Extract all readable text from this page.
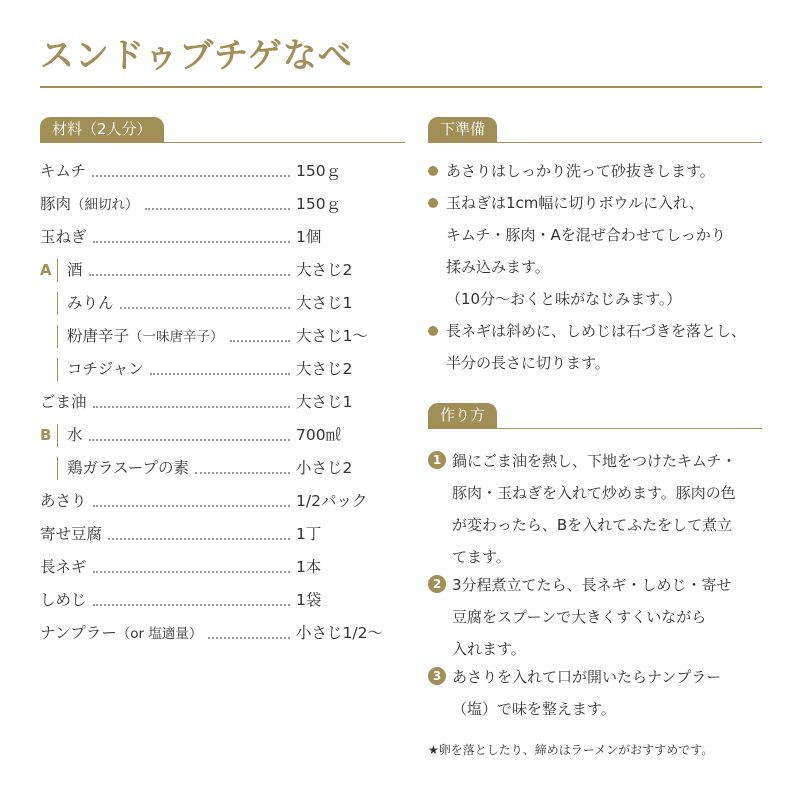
スンドゥブチゲなべ
材料（2人分）
キムチ	150ｇ
豚肉（細切れ）	150ｇ
玉ねぎ	1個
A 酒	大さじ2
みりん	大さじ1
粉唐辛子（一味唐辛子）	大さじ1～
コチジャン	大さじ2
ごま油	大さじ1
B	水	700㎖
鶏ガラスープの素	小さじ2
あさり	1/2パック
寄せ豆腐	1丁
長ネギ	1本
しめじ	1袋
ナンプラー（or 塩適量）	小さじ1/2～
下準備
あさりはしっかり洗って砂抜きします。
玉ねぎは1cm幅に切りボウルに入れ、
キムチ・豚肉・Aを混ぜ合わせてしっかり
揉み込みます。
（10分～おくと味がなじみます。）
長ネギは斜めに、しめじは石づきを落とし、
半分の長さに切ります。
作り方
1 鍋にごま油を熱し、下地をつけたキムチ・
豚肉・玉ねぎを入れて炒めます。豚肉の色
が変わったら、Bを入れてふたをして煮立
てます。
2 3分程煮立てたら、長ネギ・しめじ・寄せ
豆腐をスプーンで大きくすくいながら
入れます。
3 あさりを入れて口が開いたらナンプラー
（塩）で味を整えます。
★卵を落としたり、締めはラーメンがおすすめです。
